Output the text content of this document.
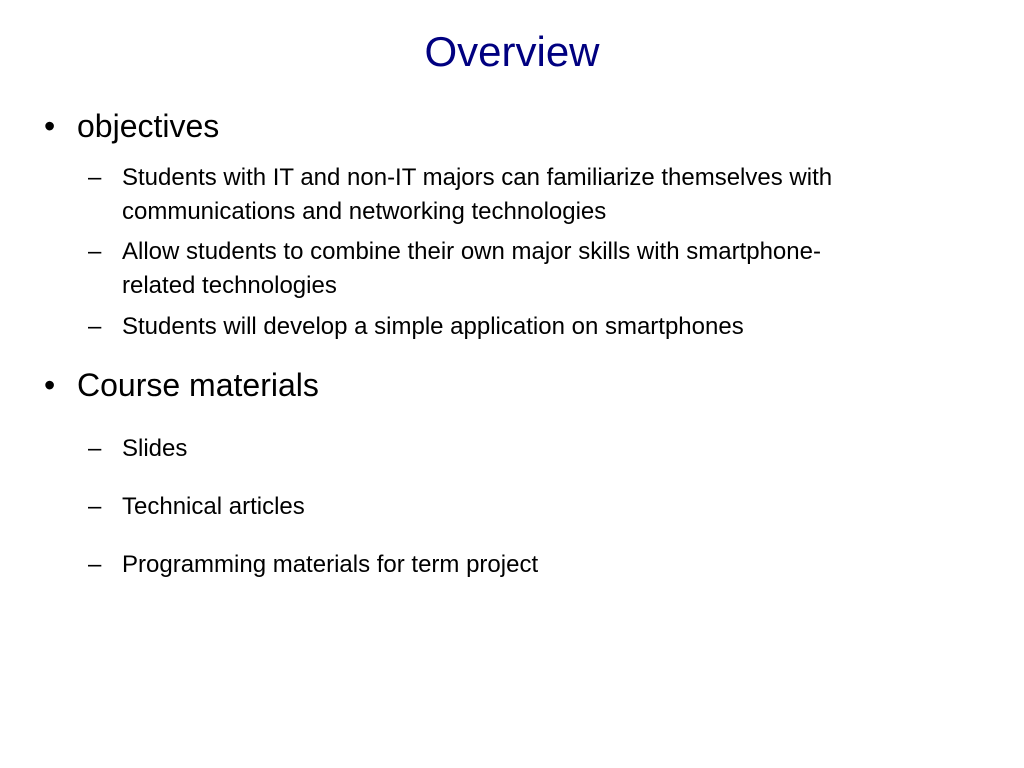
Overview
• objectives
– Students with IT and non-IT majors can familiarize themselves with
communications and networking technologies
– Allow students to combine their own major skills with smartphone-
related technologies
– Students will develop a simple application on smartphones
• Course materials
– Slides
– Technical articles
– Programming materials for term project
